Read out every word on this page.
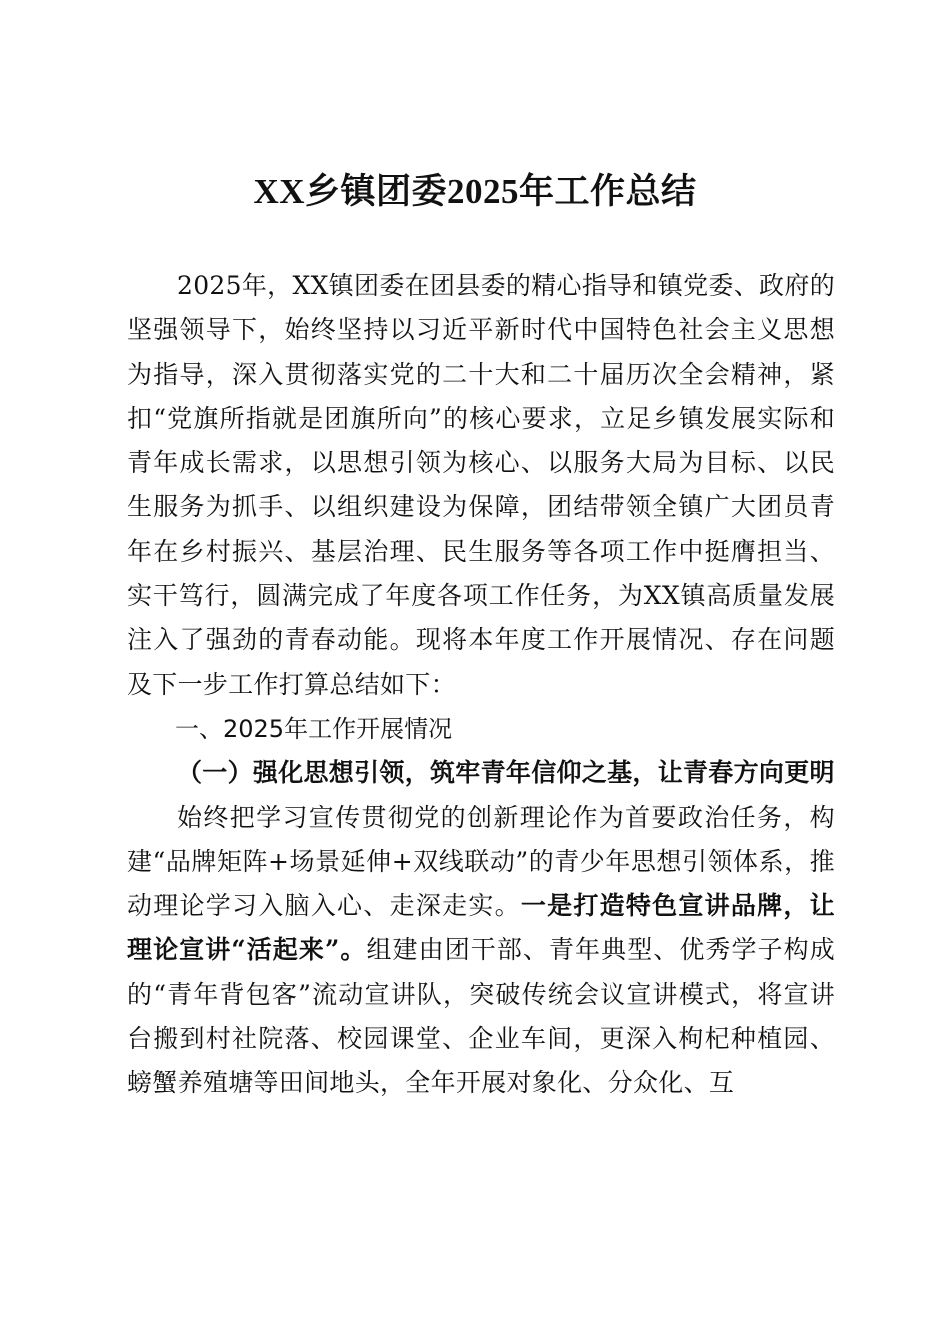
XX乡镇团委2025年工作总结

2025年，XX镇团委在团县委的精心指导和镇党委、政府的坚强领导下，始终坚持以习近平新时代中国特色社会主义思想为指导，深入贯彻落实党的二十大和二十届历次全会精神，紧扣“党旗所指就是团旗所向”的核心要求，立足乡镇发展实际和青年成长需求，以思想引领为核心、以服务大局为目标、以民生服务为抓手、以组织建设为保障，团结带领全镇广大团员青年在乡村振兴、基层治理、民生服务等各项工作中挺膺担当、实干笃行，圆满完成了年度各项工作任务，为XX镇高质量发展注入了强劲的青春动能。现将本年度工作开展情况、存在问题及下一步工作打算总结如下：

一、2025年工作开展情况
（一）强化思想引领，筑牢青年信仰之基，让青春方向更明

始终把学习宣传贯彻党的创新理论作为首要政治任务，构建“品牌矩阵+场景延伸+双线联动”的青少年思想引领体系，推动理论学习入脑入心、走深走实。一是打造特色宣讲品牌，让理论宣讲“活起来”。组建由团干部、青年典型、优秀学子构成的“青年背包客”流动宣讲队，突破传统会议宣讲模式，将宣讲台搬到村社院落、校园课堂、企业车间，更深入枸杞种植园、螃蟹养殖塘等田间地头，全年开展对象化、分众化、互
